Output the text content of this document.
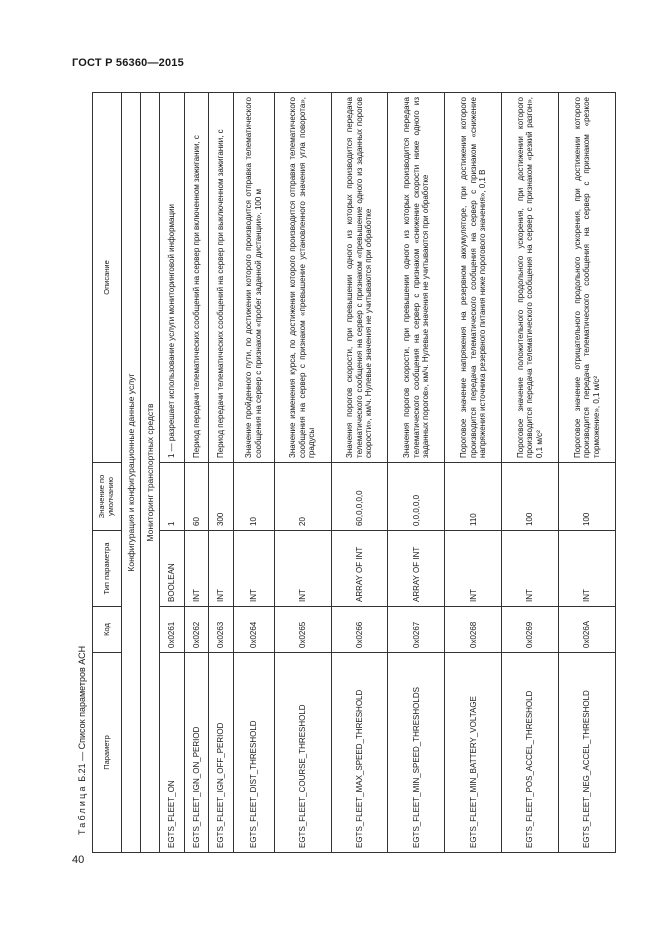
ГОСТ Р 56360—2015
Таблица Б.21 — Список параметров АСН	Параметр	Код	Тип параметра	Значение по умолчанию	Описание
Конфигурация и конфигурационные данные услуг				
Мониторинг транспортных средств				
EGTS_FLEET_ON	0x0261	BOOLEAN	1	1 — разрешает использование услуги мониторинговой информации
EGTS_FLEET_IGN_ON_PERIOD	0x0262	INT	60	Период передачи телематических сообщений на сервер при включенном зажигании, с
EGTS_FLEET_IGN_OFF_PERIOD	0x0263	INT	300	Период передачи телематических сообщений на сервер при выключенном зажигании, с
EGTS_FLEET_DIST_THRESHOLD	0x0264	INT	10	Значение пройденного пути, по достижении которого производится отправка телематического сообщения на сервер с признаком «пробег заданной дистанции», 100 м
EGTS_FLEET_COURSE_THRESHOLD	0x0265	INT	20	Значение изменения курса, по достижении которого производится отправка телематического сообщения на сервер с признаком «превышение установленного значения угла поворота», градусы
EGTS_FLEET_MAX_SPEED_THRESHOLD	0x0266	ARRAY OF INT	60,0,0,0,0	Значения порогов скорости, при превышении одного из которых производится передача телематического сообщения на сервер с признаком «превышение одного из заданных порогов скорости», км/ч. Нулевые значения не учитываются при обработке
EGTS_FLEET_MIN_SPEED_THRESHOLDS	0x0267	ARRAY OF INT	0,0,0,0,0	Значения порогов скорости, при превышении одного из которых производится передача телематического сообщения на сервер с признаком «снижение скорости ниже одного из заданных порогов», км/ч. Нулевые значения не учитываются при обработке
EGTS_FLEET_MIN_BATTERY_VOLTAGE	0x0268	INT	110	Пороговое значение напряжения на резервном аккумуляторе, при достижении которого производится передача телематического сообщения на сервер с признаком «снижение напряжения источника резервного питания ниже порогового значения», 0,1 В
EGTS_FLEET_POS_ACCEL_THRESHOLD	0x0269	INT	100	Пороговое значение положительного продольного ускорения, при достижении которого производится передача телематического сообщения на сервер с признаком «резкий разгон», 0,1 м/с²
EGTS_FLEET_NEG_ACCEL_THRESHOLD	0x026A	INT	100	Пороговое значение отрицательного продольного ускорения, при достижении которого производится передача телематического сообщения на сервер с признаком «резкое торможение», 0,1 м/с²
40
